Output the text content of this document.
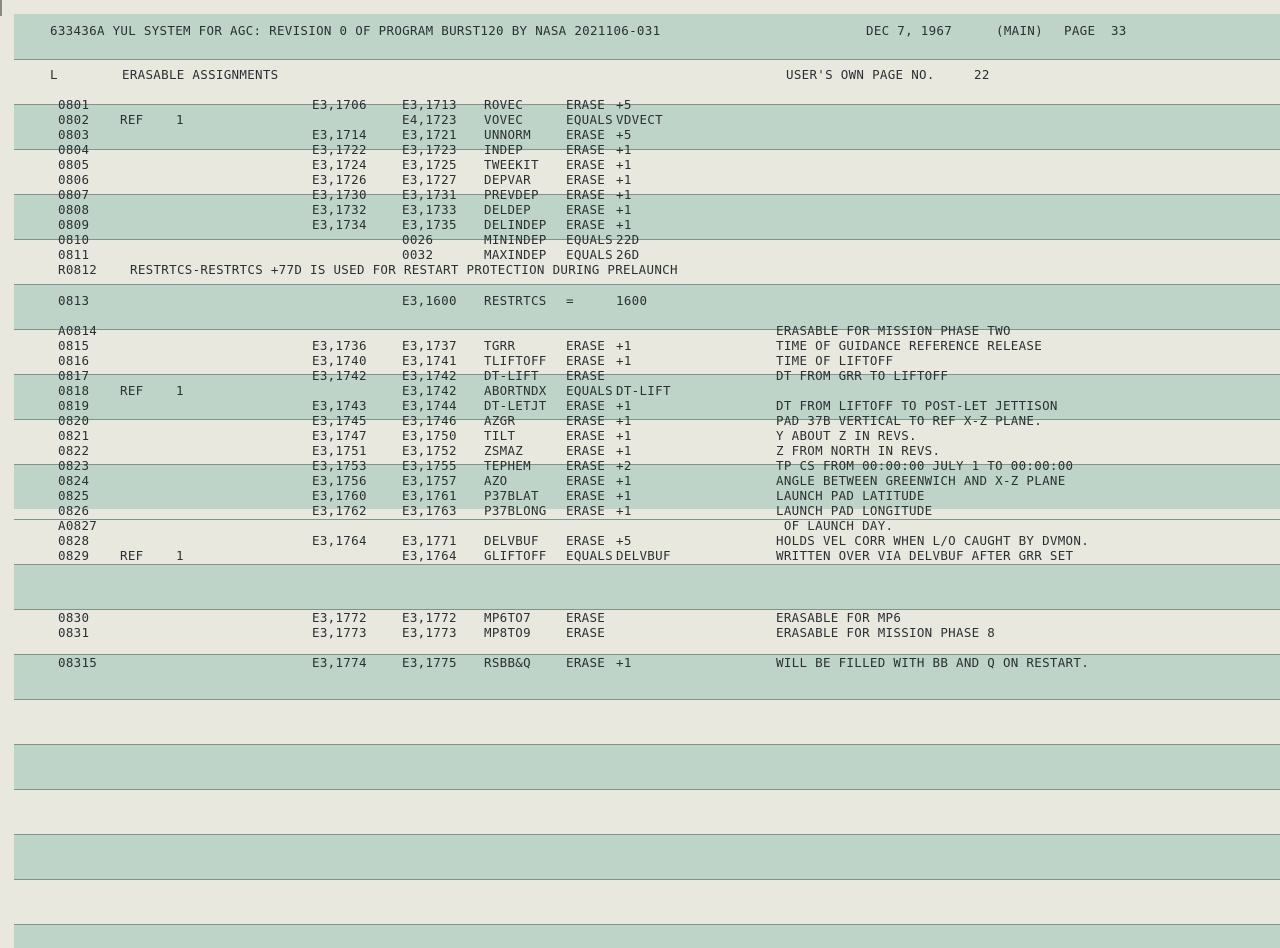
633436A YUL SYSTEM FOR AGC: REVISION 0 OF PROGRAM BURST120 BY NASA 2021106-031	DEC 7, 1967	(MAIN) PAGE  33
L	ERASABLE ASSIGNMENTS	USER'S OWN PAGE NO.	22
0801	E3,1706	E3,1713 ROVEC	ERASE +5
0802 REF	1	E4,1723 VOVEC	EQUALS VDVECT
0803	E3,1714	E3,1721 UNNORM	ERASE +5
0804	E3,1722	E3,1723 INDEP	ERASE +1
0805	E3,1724	E3,1725 TWEEKIT ERASE +1
0806	E3,1726	E3,1727 DEPVAR	ERASE +1
0807	E3,1730	E3,1731 PREVDEP ERASE +1
0808	E3,1732	E3,1733 DELDEP	ERASE +1
0809	E3,1734	E3,1735 DELINDEP ERASE +1
0810	0026	MININDEP EQUALS 22D
0811	0032	MAXINDEP EQUALS 26D
R0812	RESTRTCS-RESTRTCS +77D IS USED FOR RESTART PROTECTION DURING PRELAUNCH
0813	E3,1600 RESTRTCS =	1600
A0814	ERASABLE FOR MISSION PHASE TWO
0815	E3,1736	E3,1737 TGRR	ERASE +1	TIME OF GUIDANCE REFERENCE RELEASE
0816	E3,1740	E3,1741 TLIFTOFF ERASE +1	TIME OF LIFTOFF
0817	E3,1742	E3,1742 DT-LIFT ERASE	DT FROM GRR TO LIFTOFF
0818 REF	1	E3,1742 ABORTNDX EQUALS DT-LIFT
0819	E3,1743	E3,1744 DT-LETJT ERASE +1	DT FROM LIFTOFF TO POST-LET JETTISON
0820	E3,1745	E3,1746 AZGR	ERASE +1	PAD 37B VERTICAL TO REF X-Z PLANE.
0821	E3,1747	E3,1750 TILT	ERASE +1	Y ABOUT Z IN REVS.
0822	E3,1751	E3,1752 ZSMAZ	ERASE +1	Z FROM NORTH IN REVS.
0823	E3,1753	E3,1755 TEPHEM	ERASE +2	TP CS FROM 00:00:00 JULY 1 TO 00:00:00
0824	E3,1756	E3,1757 AZO	ERASE +1	ANGLE BETWEEN GREENWICH AND X-Z PLANE
0825	E3,1760	E3,1761 P37BLAT ERASE +1	LAUNCH PAD LATITUDE
0826	E3,1762	E3,1763 P37BLONG ERASE +1	LAUNCH PAD LONGITUDE
A0827	OF LAUNCH DAY.
0828	E3,1764	E3,1771 DELVBUF ERASE +5	HOLDS VEL CORR WHEN L/O CAUGHT BY DVMON.
0829 REF	1	E3,1764 GLIFTOFF EQUALS DELVBUF	WRITTEN OVER VIA DELVBUF AFTER GRR SET
0830	E3,1772	E3,1772 MP6TO7	ERASE	ERASABLE FOR MP6
0831	E3,1773	E3,1773 MP8TO9	ERASE	ERASABLE FOR MISSION PHASE 8
08315	E3,1774	E3,1775 RSBB&Q	ERASE +1	WILL BE FILLED WITH BB AND Q ON RESTART.
